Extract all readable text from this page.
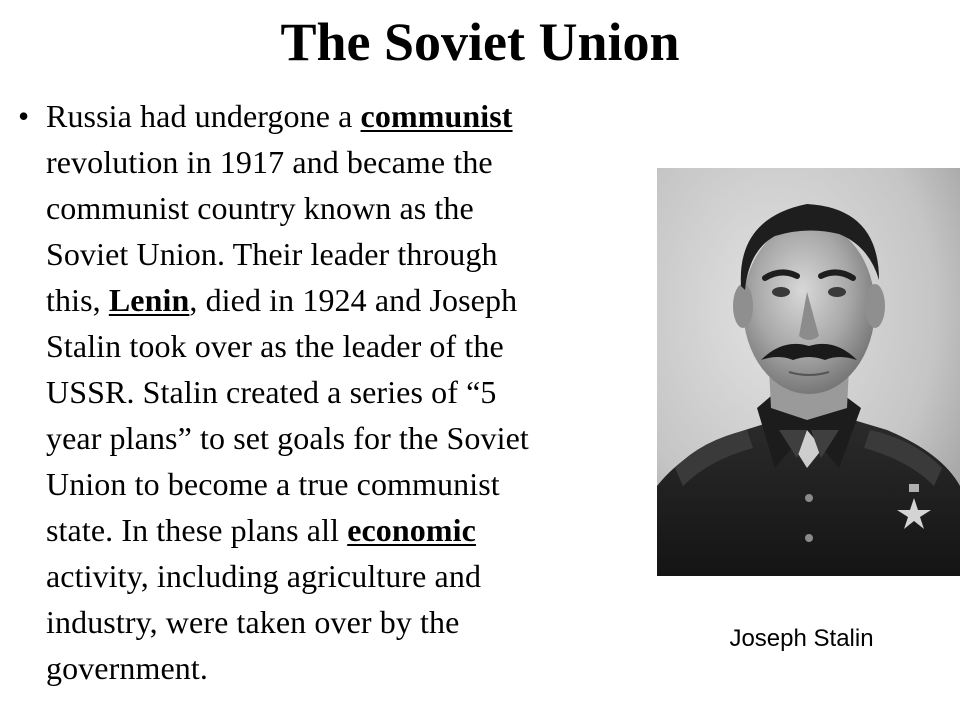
The Soviet Union
• Russia had undergone a communist
revolution in 1917 and became the
communist country known as the
Soviet Union. Their leader through
this, Lenin, died in 1924 and Joseph
Stalin took over as the leader of the
USSR. Stalin created a series of “5
year plans” to set goals for the Soviet
Union to become a true communist
state. In these plans all economic
activity, including agriculture and
industry, were taken over by the
government.
Joseph Stalin
